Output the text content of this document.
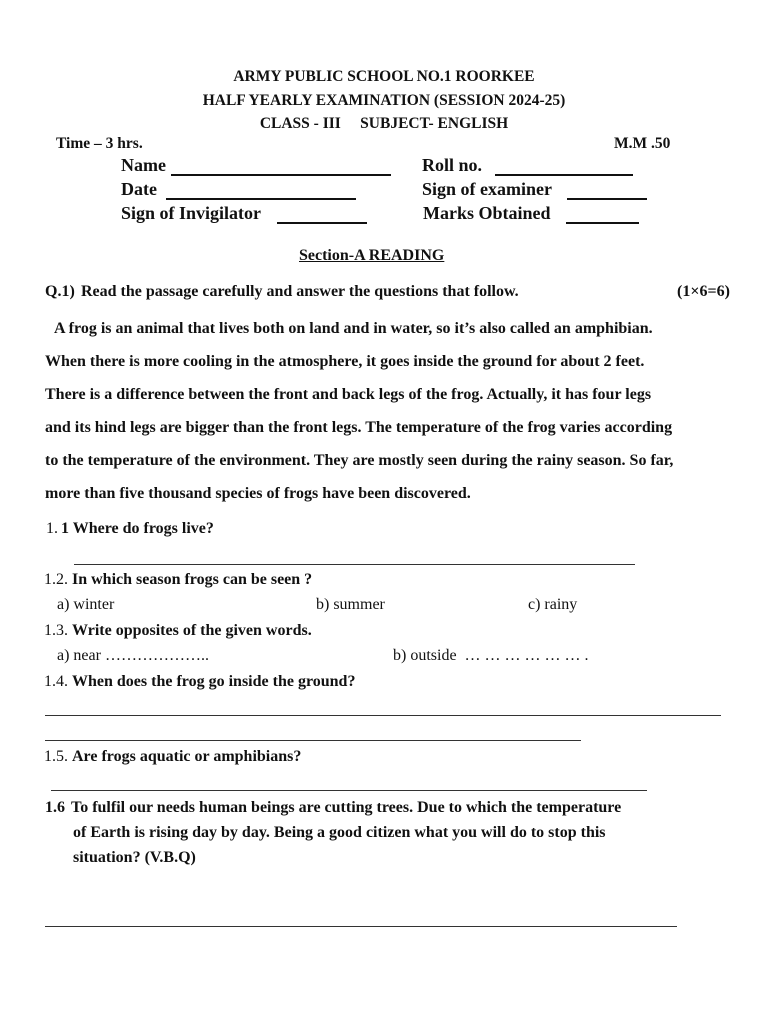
ARMY PUBLIC SCHOOL NO.1 ROORKEE
HALF YEARLY EXAMINATION (SESSION 2024-25)
CLASS - III     SUBJECT- ENGLISH
Time – 3 hrs.	M.M .50
Name	Roll no.
Date	Sign of examiner
Sign of Invigilator	Marks Obtained
Section-A READING
Q.1) Read the passage carefully and answer the questions that follow.	(1×6=6)
A frog is an animal that lives both on land and in water, so it’s also called an amphibian.
When there is more cooling in the atmosphere, it goes inside the ground for about 2 feet.
There is a difference between the front and back legs of the frog. Actually, it has four legs
and its hind legs are bigger than the front legs. The temperature of the frog varies according
to the temperature of the environment. They are mostly seen during the rainy season. So far,
more than five thousand species of frogs have been discovered.
1. 1 Where do frogs live?
1.2. In which season frogs can be seen ?
a) winter	b) summer	c) rainy
1.3. Write opposites of the given words.
a) near ………………..	b) outside  … … … … … … .
1.4. When does the frog go inside the ground?
1.5. Are frogs aquatic or amphibians?
1.6 To fulfil our needs human beings are cutting trees. Due to which the temperature
of Earth is rising day by day. Being a good citizen what you will do to stop this
situation? (V.B.Q)
